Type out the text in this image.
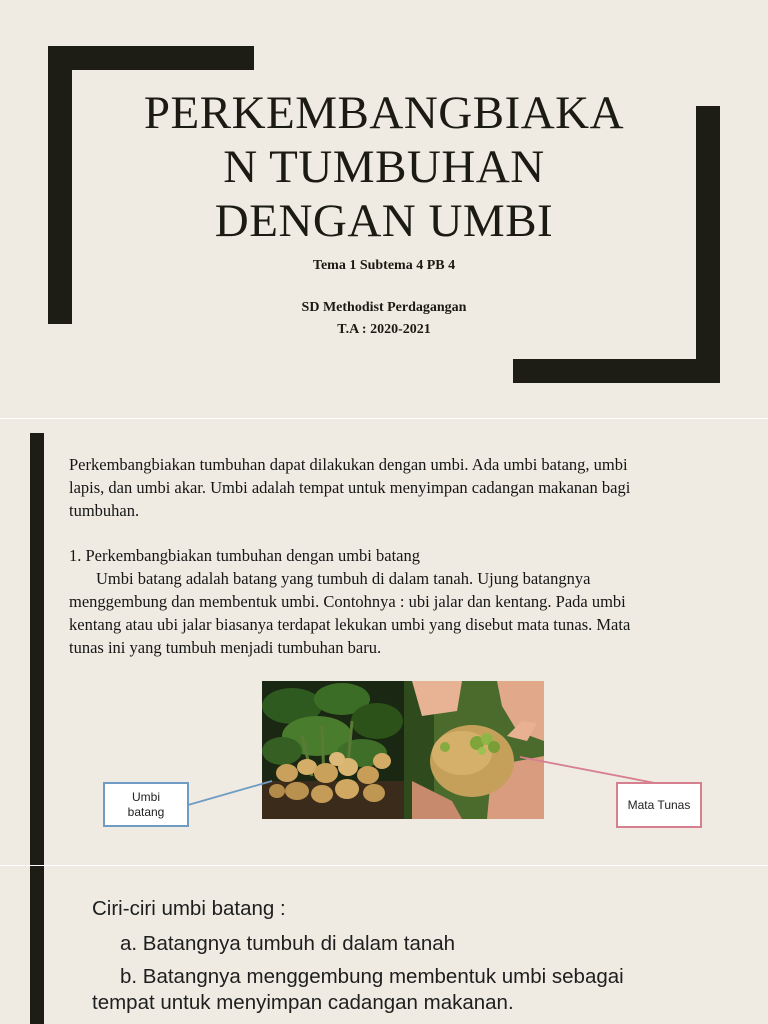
PERKEMBANGBIAKA
N TUMBUHAN
DENGAN UMBI
Tema 1 Subtema 4 PB 4
SD Methodist Perdagangan
T.A : 2020-2021
Perkembangbiakan tumbuhan dapat dilakukan dengan umbi. Ada umbi batang, umbi
lapis, dan umbi akar. Umbi adalah tempat untuk menyimpan cadangan makanan bagi
tumbuhan.
1. Perkembangbiakan tumbuhan dengan umbi batang
Umbi batang adalah batang yang tumbuh di dalam tanah. Ujung batangnya
menggembung dan membentuk umbi. Contohnya : ubi jalar dan kentang. Pada umbi
kentang atau ubi jalar biasanya terdapat lekukan umbi yang disebut mata tunas. Mata
tunas ini yang tumbuh menjadi tumbuhan baru.
Umbi
batang	Mata Tunas
Ciri-ciri umbi batang :
a. Batangnya tumbuh di dalam tanah
b. Batangnya menggembung membentuk umbi sebagai
tempat untuk menyimpan cadangan makanan.
